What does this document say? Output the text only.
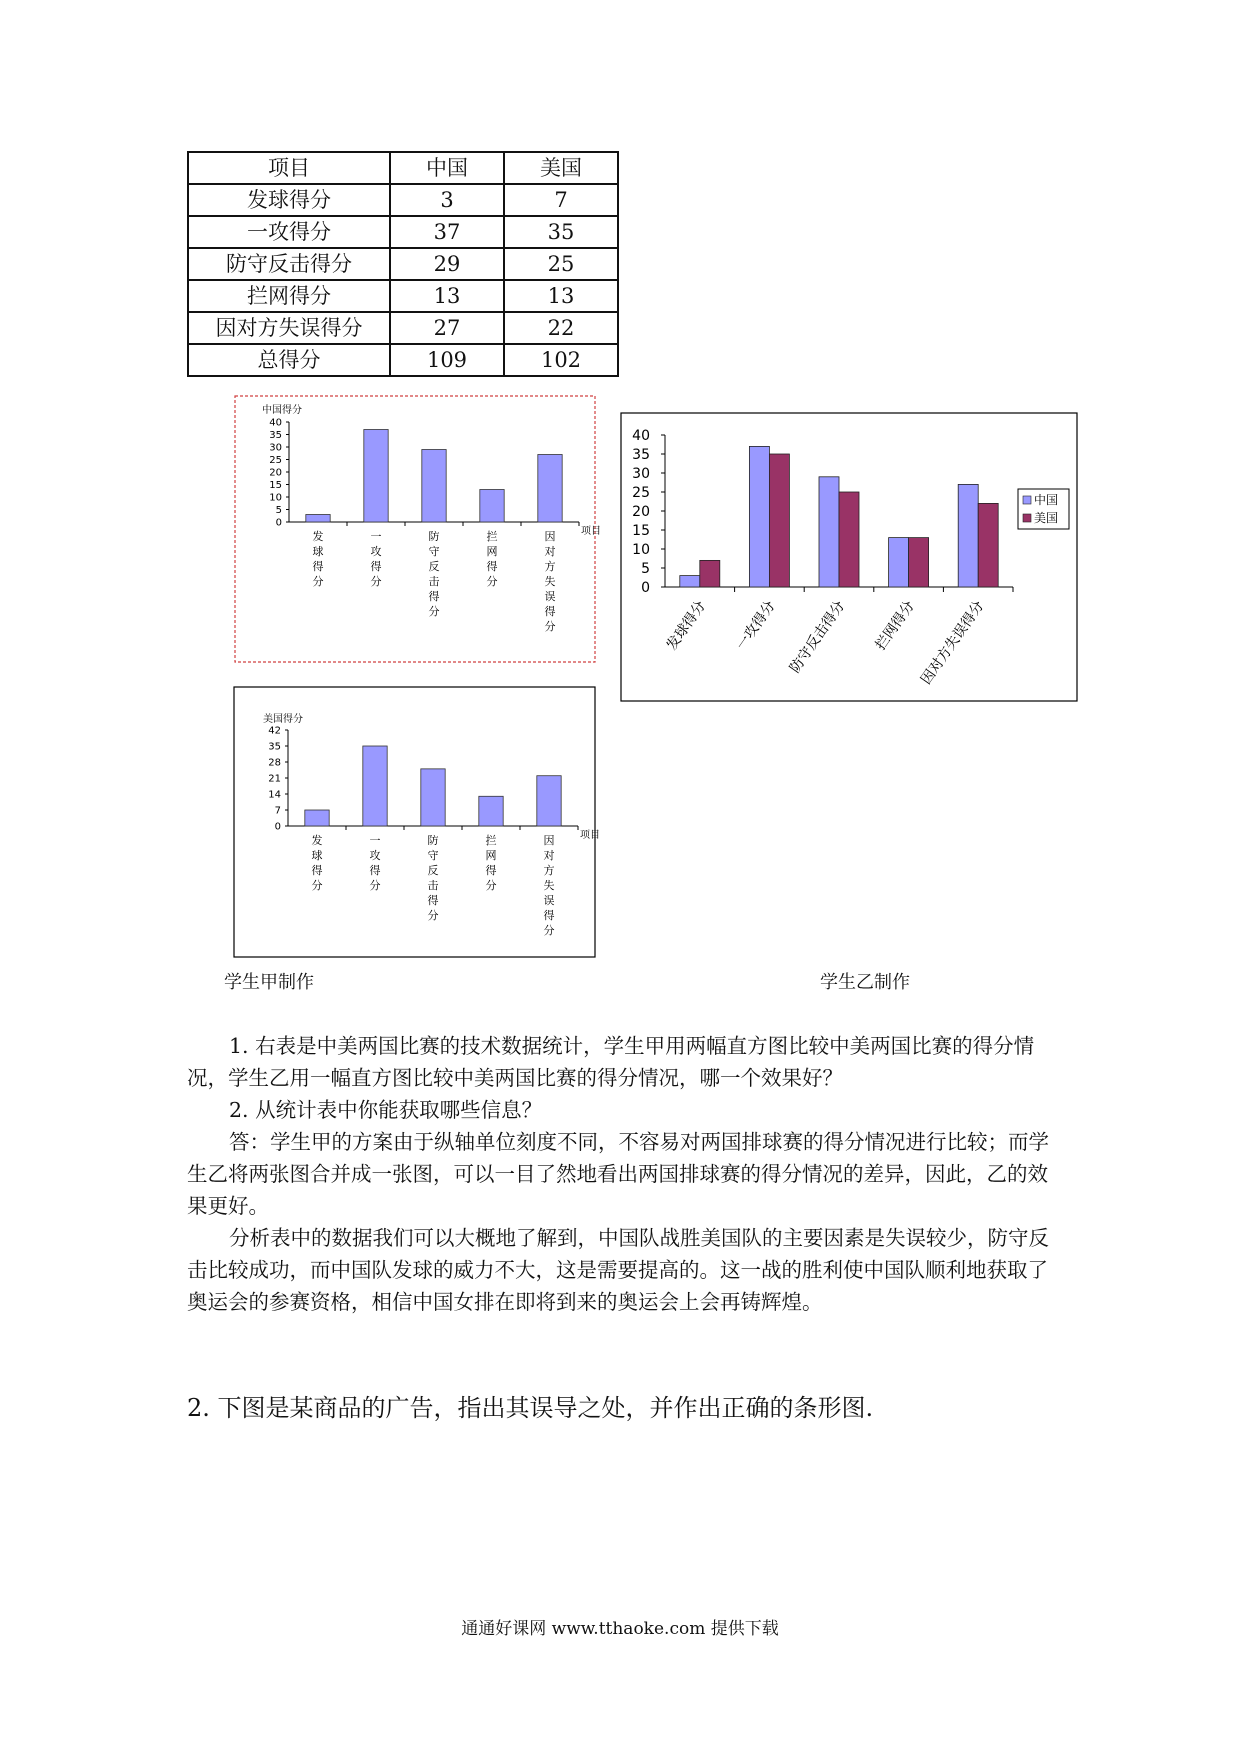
项目	中国	美国
发球得分	3	7
一攻得分	37	35
防守反击得分	29	25
拦网得分	13	13
因对方失误得分	27	22
总得分	109	102
中国得分
0
5
10
15
20
25
30
35
40
发球得分
一攻得分
防守反击得分
拦网得分
因对方失误得分
项目
美国得分
0
7
14
21
28
35
42
发球得分
一攻得分
防守反击得分
拦网得分
因对方失误得分
项目
0
5
10
15
20
25
30
35
40
发球得分 一攻得分 防守反击得分 拦网得分 因对方失误得分
中国
美国
学生甲制作	学生乙制作

1. 右表是中美两国比赛的技术数据统计，学生甲用两幅直方图比较中美两国比赛的得分情况，学生乙用一幅直方图比较中美两国比赛的得分情况，哪一个效果好？

2. 从统计表中你能获取哪些信息？

答：学生甲的方案由于纵轴单位刻度不同，不容易对两国排球赛的得分情况进行比较；而学生乙将两张图合并成一张图，可以一目了然地看出两国排球赛的得分情况的差异，因此，乙的效果更好。

分析表中的数据我们可以大概地了解到，中国队战胜美国队的主要因素是失误较少，防守反击比较成功，而中国队发球的威力不大，这是需要提高的。这一战的胜利使中国队顺利地获取了奥运会的参赛资格，相信中国女排在即将到来的奥运会上会再铸辉煌。

2. 下图是某商品的广告，指出其误导之处，并作出正确的条形图.
通通好课网 www.tthaoke.com 提供下载
